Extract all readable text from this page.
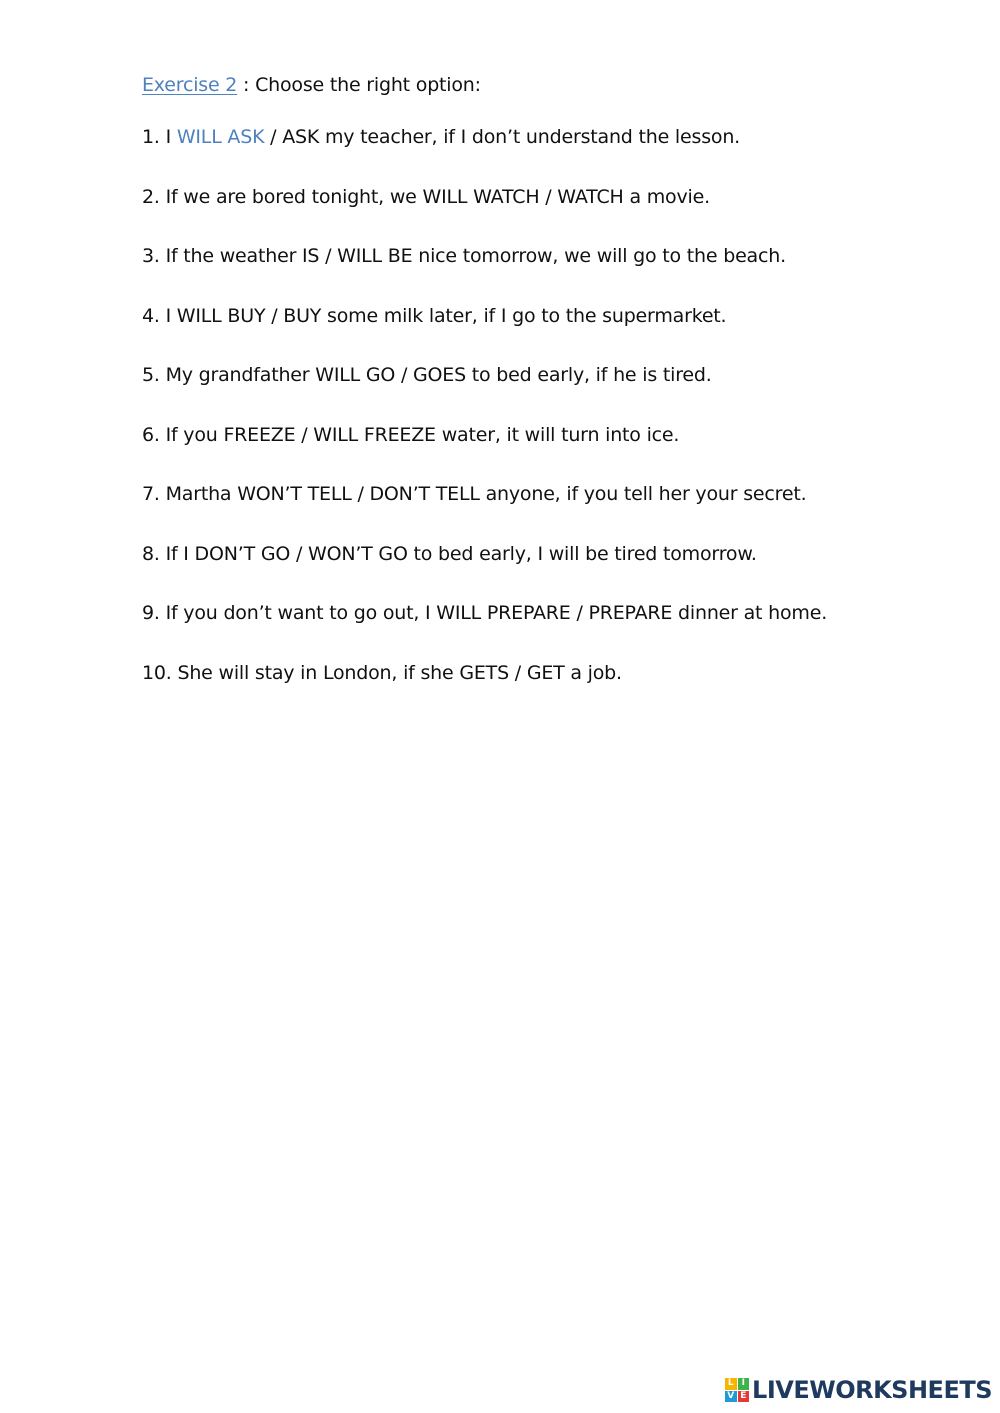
Exercise 2 : Choose the right option:
1. I WILL ASK / ASK my teacher, if I don’t understand the lesson.
2. If we are bored tonight, we WILL WATCH / WATCH a movie.
3. If the weather IS / WILL BE nice tomorrow, we will go to the beach.
4. I WILL BUY / BUY some milk later, if I go to the supermarket.
5. My grandfather WILL GO / GOES to bed early, if he is tired.
6. If you FREEZE / WILL FREEZE water, it will turn into ice.
7. Martha WON’T TELL / DON’T TELL anyone, if you tell her your secret.
8. If I DON’T GO / WON’T GO to bed early, I will be tired tomorrow.
9. If you don’t want to go out, I WILL PREPARE / PREPARE dinner at home.
10. She will stay in London, if she GETS / GET a job.
L I
V E LIVEWORKSHEETS
